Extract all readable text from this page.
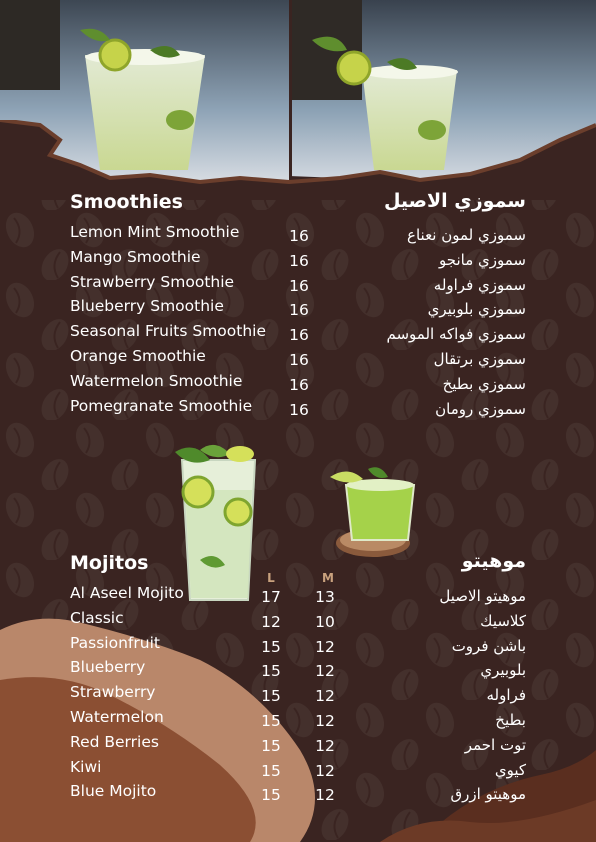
Smoothies	سموزي الاصيل
Lemon Mint Smoothie	16	سموزي لمون نعناع
Mango Smoothie	16	سموزي مانجو
Strawberry Smoothie	16	سموزي فراوله
Blueberry Smoothie	16	سموزي بلوبيري
Seasonal Fruits Smoothie	16	سموزي فواكه الموسم
Orange Smoothie	16	سموزي برتقال
Watermelon Smoothie	16	سموزي بطيخ
Pomegranate Smoothie	16	سموزي رومان
Mojitos	موهيتو
L	M
Al Aseel Mojito	17	13	موهيتو الاصيل
Classic	12	10	كلاسيك
Passionfruit	15	12	باشن فروت
Blueberry	15	12	بلوبيري
Strawberry	15	12	فراوله
Watermelon	15	12	بطيخ
Red Berries	15	12	توت احمر
Kiwi	15	12	كيوي
Blue Mojito	15	12	موهيتو ازرق
